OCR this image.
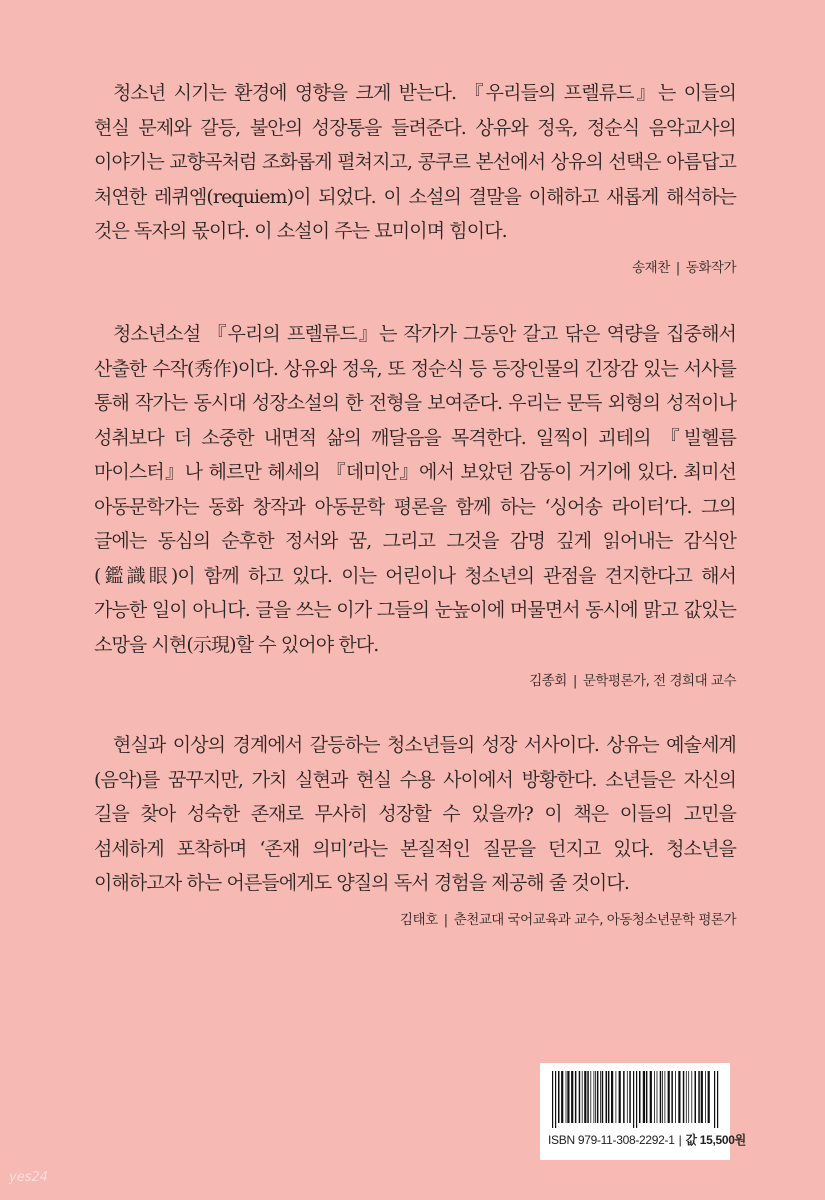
청소년 시기는 환경에 영향을 크게 받는다. 『우리들의 프렐류드』는 이들의 현실 문제와 갈등, 불안의 성장통을 들려준다. 상유와 정욱, 정순식 음악교사의 이야기는 교향곡처럼 조화롭게 펼쳐지고, 콩쿠르 본선에서 상유의 선택은 아름답고 처연한 레퀴엠(requiem)이 되었다. 이 소설의 결말을 이해하고 새롭게 해석하는 것은 독자의 몫이다. 이 소설이 주는 묘미이며 힘이다.

송재찬 | 동화작가

청소년소설 『우리의 프렐류드』는 작가가 그동안 갈고 닦은 역량을 집중해서 산출한 수작(秀作)이다. 상유와 정욱, 또 정순식 등 등장인물의 긴장감 있는 서사를 통해 작가는 동시대 성장소설의 한 전형을 보여준다. 우리는 문득 외형의 성적이나 성취보다 더 소중한 내면적 삶의 깨달음을 목격한다. 일찍이 괴테의 『빌헬름 마이스터』나 헤르만 헤세의 『데미안』에서 보았던 감동이 거기에 있다. 최미선 아동문학가는 동화 창작과 아동문학 평론을 함께 하는 ‘싱어송 라이터’다. 그의 글에는 동심의 순후한 정서와 꿈, 그리고 그것을 감명 깊게 읽어내는 감식안(鑑識眼)이 함께 하고 있다. 이는 어린이나 청소년의 관점을 견지한다고 해서 가능한 일이 아니다. 글을 쓰는 이가 그들의 눈높이에 머물면서 동시에 맑고 값있는 소망을 시현(示現)할 수 있어야 한다.

김종회 | 문학평론가, 전 경희대 교수

현실과 이상의 경계에서 갈등하는 청소년들의 성장 서사이다. 상유는 예술세계(음악)를 꿈꾸지만, 가치 실현과 현실 수용 사이에서 방황한다. 소년들은 자신의 길을 찾아 성숙한 존재로 무사히 성장할 수 있을까? 이 책은 이들의 고민을 섬세하게 포착하며 ‘존재 의미’라는 본질적인 질문을 던지고 있다. 청소년을 이해하고자 하는 어른들에게도 양질의 독서 경험을 제공해 줄 것이다.

김태호 | 춘천교대 국어교육과 교수, 아동청소년문학 평론가
ISBN 979-11-308-2292-1 | 값 15,500원
yes24
